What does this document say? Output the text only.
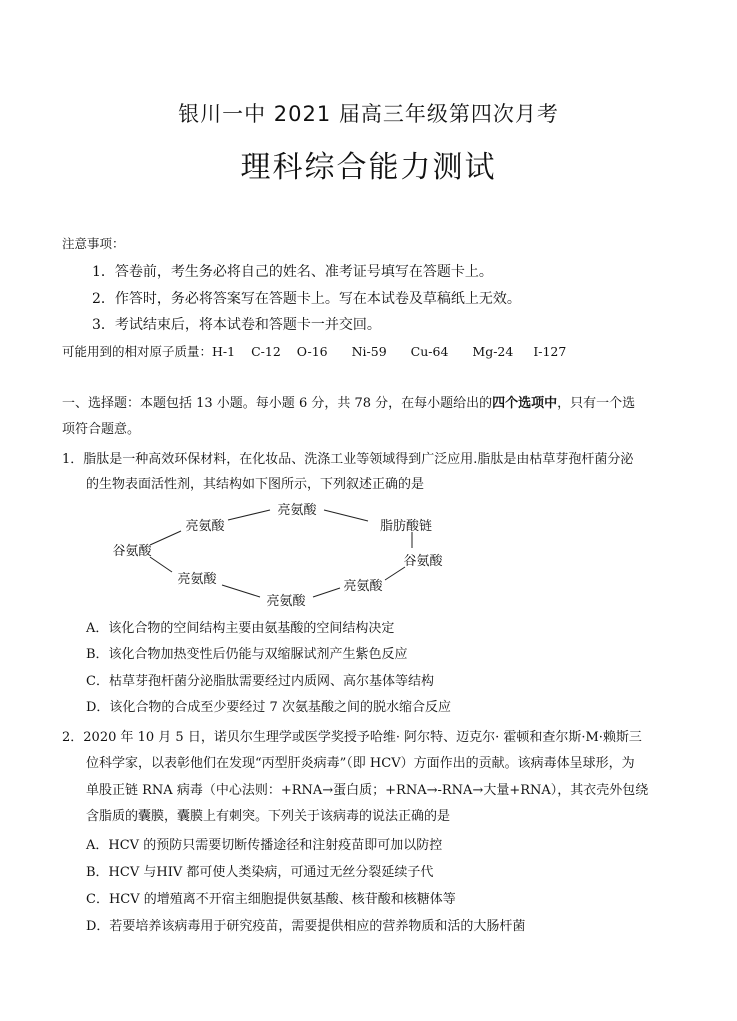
银川一中 2021 届高三年级第四次月考
理科综合能力测试
注意事项：
1．答卷前，考生务必将自己的姓名、准考证号填写在答题卡上。
2．作答时，务必将答案写在答题卡上。写在本试卷及草稿纸上无效。
3．考试结束后，将本试卷和答题卡一并交回。
可能用到的相对原子质量：H-1 C-12 O-16 Ni-59 Cu-64 Mg-24 I-127
一、选择题：本题包括 13 小题。每小题 6 分，共 78 分，在每小题给出的四个选项中，只有一个选
项符合题意。
1．脂肽是一种高效环保材料，在化妆品、洗涤工业等领域得到广泛应用.脂肽是由枯草芽孢杆菌分泌
的生物表面活性剂，其结构如下图所示，下列叙述正确的是
亮氨酸
亮氨酸
谷氨酸
亮氨酸
亮氨酸
亮氨酸
谷氨酸
脂肪酸链
A．该化合物的空间结构主要由氨基酸的空间结构决定
B．该化合物加热变性后仍能与双缩脲试剂产生紫色反应
C．枯草芽孢杆菌分泌脂肽需要经过内质网、高尔基体等结构
D．该化合物的合成至少要经过 7 次氨基酸之间的脱水缩合反应
2．2020 年 10 月 5 日，诺贝尔生理学或医学奖授予哈维· 阿尔特、迈克尔· 霍顿和查尔斯·M·赖斯三
位科学家，以表彰他们在发现“丙型肝炎病毒”（即 HCV）方面作出的贡献。该病毒体呈球形，为
单股正链 RNA 病毒（中心法则：+RNA→蛋白质；+RNA→-RNA→大量+RNA），其衣壳外包绕
含脂质的囊膜，囊膜上有刺突。下列关于该病毒的说法正确的是
A．HCV 的预防只需要切断传播途径和注射疫苗即可加以防控
B．HCV 与HIV 都可使人类染病，可通过无丝分裂延续子代
C．HCV 的增殖离不开宿主细胞提供氨基酸、核苷酸和核糖体等
D．若要培养该病毒用于研究疫苗，需要提供相应的营养物质和活的大肠杆菌
